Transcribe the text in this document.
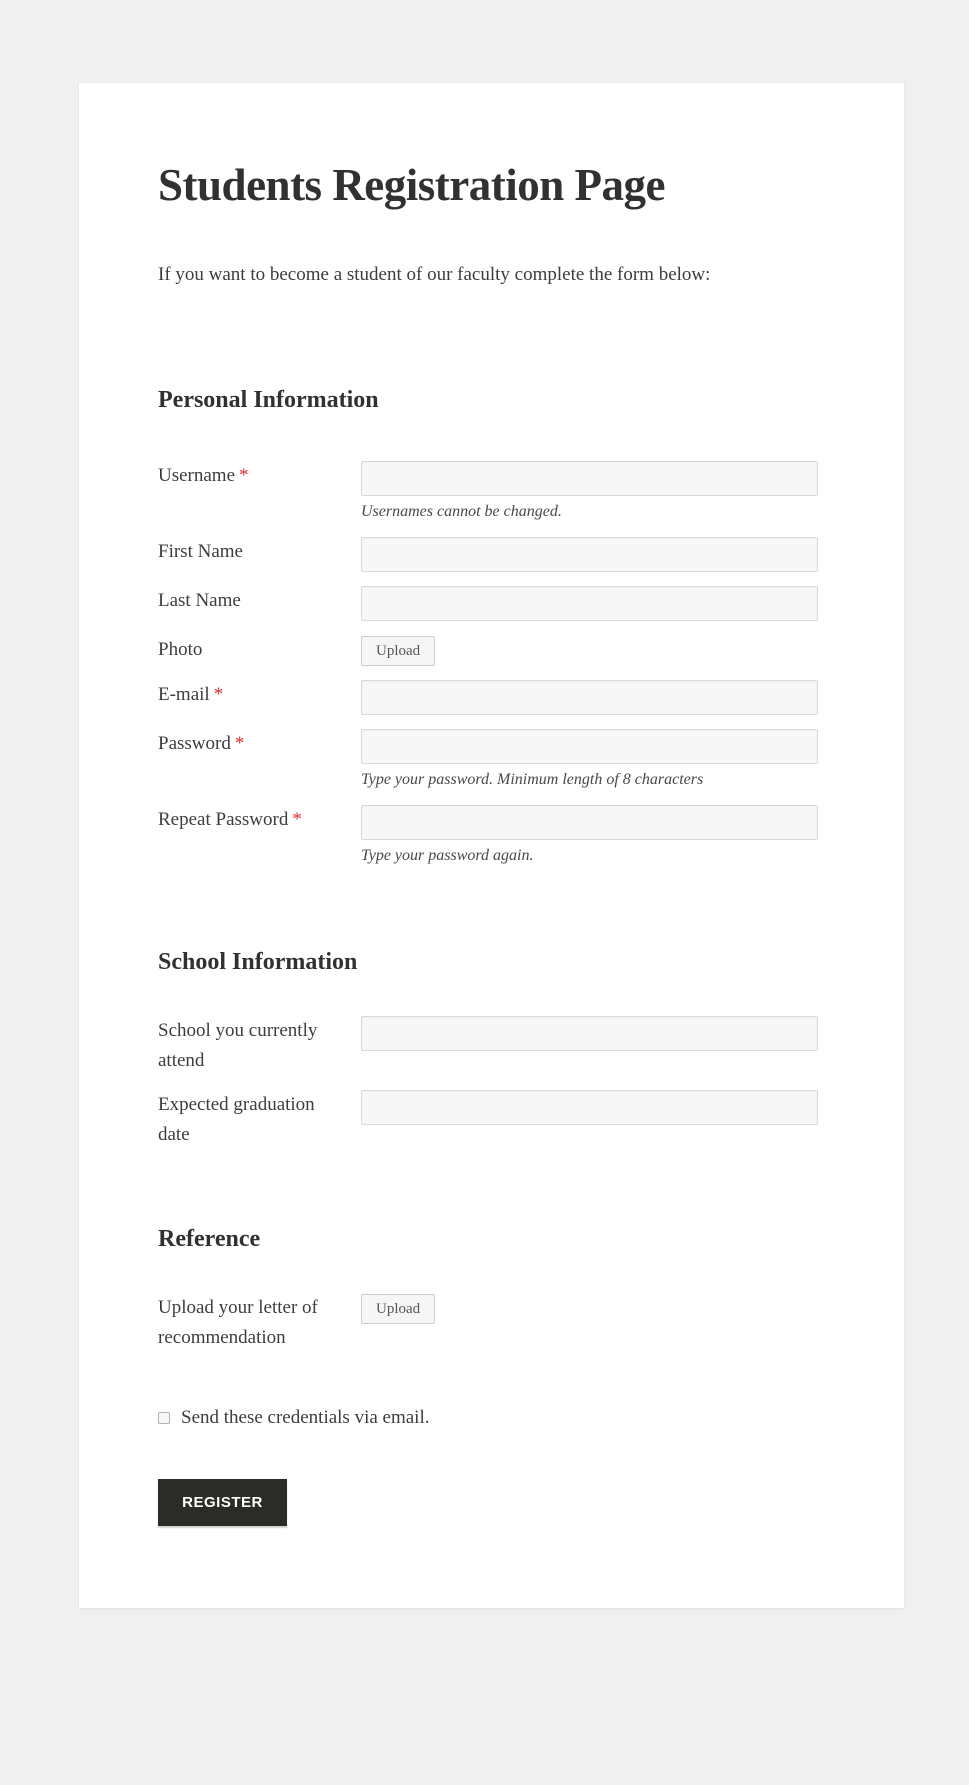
Students Registration Page

If you want to become a student of our faculty complete the form below:

Personal Information
Username *
Usernames cannot be changed.
First Name
Last Name
Photo	Upload
E-mail *
Password *
Type your password. Minimum length of 8 characters
Repeat Password *
Type your password again.
School Information
School you currently attend
Expected graduation date
Reference
Upload your letter of recommendation
Upload
Send these credentials via email.
REGISTER
